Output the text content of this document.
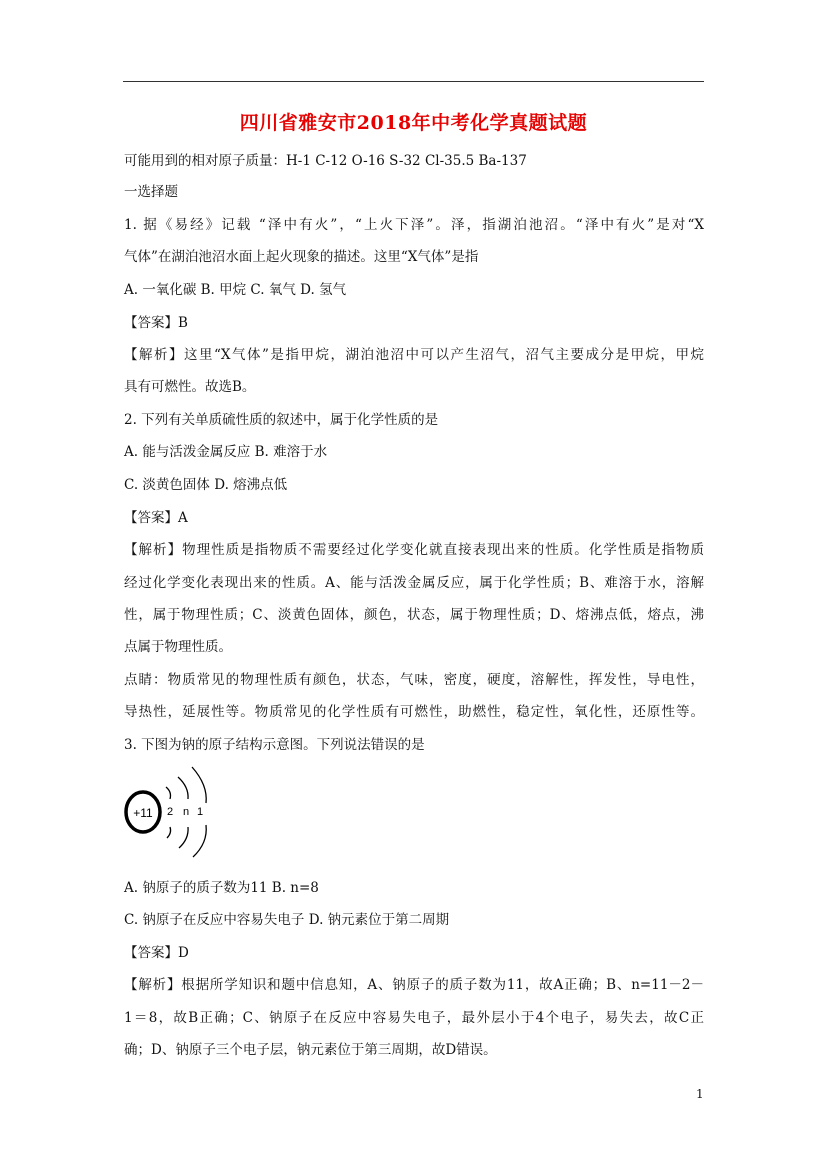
四川省雅安市2018年中考化学真题试题
可能用到的相对原子质量：H-1 C-12 O-16 S-32 Cl-35.5 Ba-137
一选择题
1. 据《易经》记载 “泽中有火”，“上火下泽”。泽，指湖泊池沼。“泽中有火”是对“X
气体”在湖泊池沼水面上起火现象的描述。这里“X气体”是指
A. 一氧化碳 B. 甲烷 C. 氧气 D. 氢气
【答案】B
【解析】这里“X气体”是指甲烷，湖泊池沼中可以产生沼气，沼气主要成分是甲烷，甲烷
具有可燃性。故选B。
2. 下列有关单质硫性质的叙述中，属于化学性质的是
A. 能与活泼金属反应 B. 难溶于水
C. 淡黄色固体 D. 熔沸点低
【答案】A
【解析】物理性质是指物质不需要经过化学变化就直接表现出来的性质。化学性质是指物质
经过化学变化表现出来的性质。A、能与活泼金属反应，属于化学性质；B、难溶于水，溶解
性，属于物理性质；C、淡黄色固体，颜色，状态，属于物理性质；D、熔沸点低，熔点，沸
点属于物理性质。
点睛：物质常见的物理性质有颜色，状态，气味，密度，硬度，溶解性，挥发性，导电性，
导热性，延展性等。物质常见的化学性质有可燃性，助燃性，稳定性，氧化性，还原性等。
3. 下图为钠的原子结构示意图。下列说法错误的是
+11 2 n 1
A. 钠原子的质子数为11 B. n=8
C. 钠原子在反应中容易失电子 D. 钠元素位于第二周期
【答案】D
【解析】根据所学知识和题中信息知，A、钠原子的质子数为11，故A正确；B、n=11－2－
1＝8，故B正确；C、钠原子在反应中容易失电子，最外层小于4个电子，易失去，故C正
确；D、钠原子三个电子层，钠元素位于第三周期，故D错误。
1
